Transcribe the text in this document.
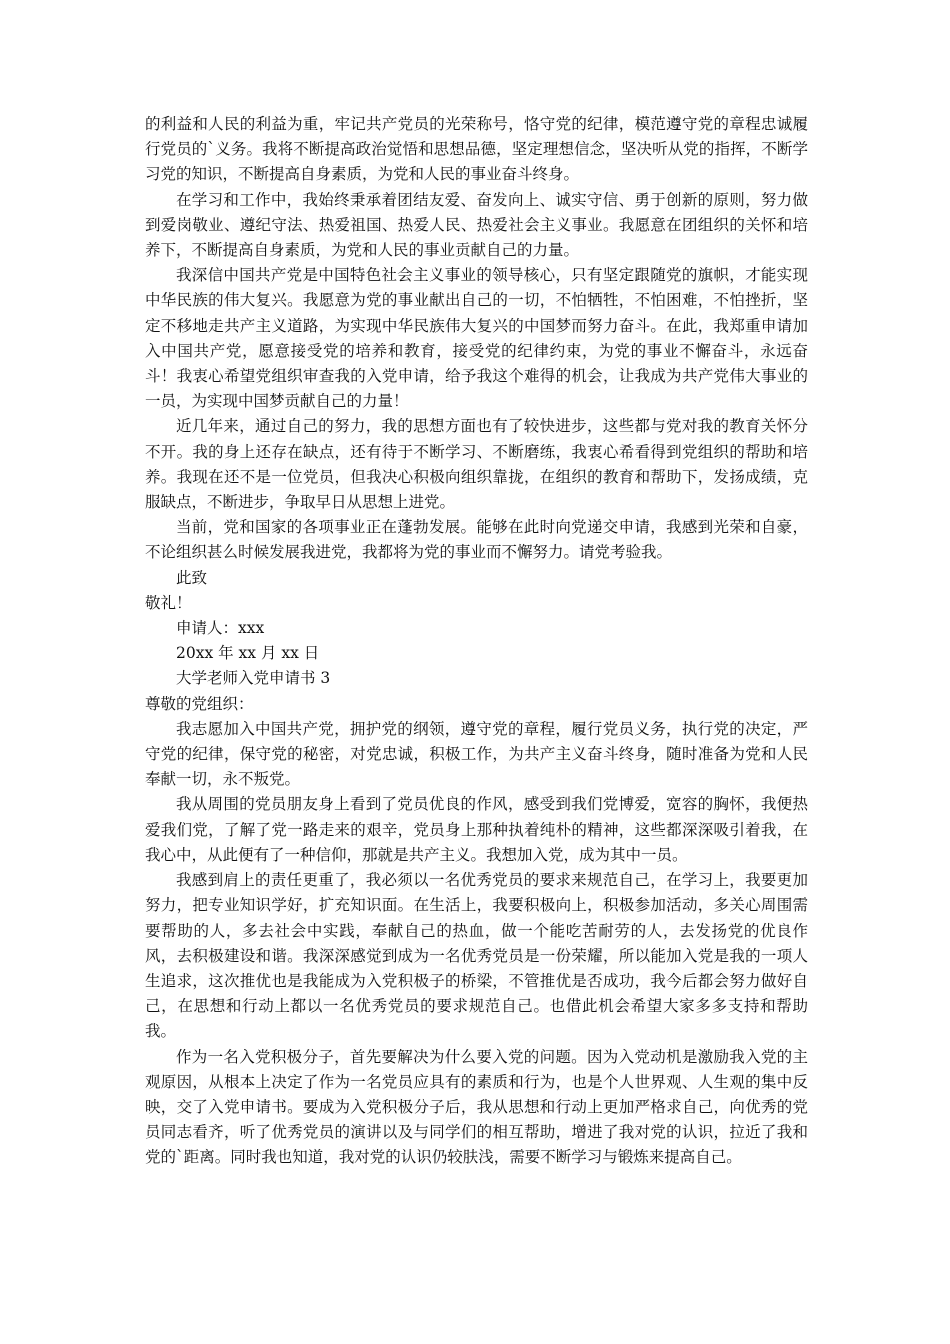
的利益和人民的利益为重，牢记共产党员的光荣称号，恪守党的纪律，模范遵守党的章程忠诚履行党员的`义务。我将不断提高政治觉悟和思想品德，坚定理想信念，坚决听从党的指挥，不断学习党的知识，不断提高自身素质，为党和人民的事业奋斗终身。

在学习和工作中，我始终秉承着团结友爱、奋发向上、诚实守信、勇于创新的原则，努力做到爱岗敬业、遵纪守法、热爱祖国、热爱人民、热爱社会主义事业。我愿意在团组织的关怀和培养下，不断提高自身素质，为党和人民的事业贡献自己的力量。

我深信中国共产党是中国特色社会主义事业的领导核心，只有坚定跟随党的旗帜，才能实现中华民族的伟大复兴。我愿意为党的事业献出自己的一切，不怕牺牲，不怕困难，不怕挫折，坚定不移地走共产主义道路，为实现中华民族伟大复兴的中国梦而努力奋斗。在此，我郑重申请加入中国共产党，愿意接受党的培养和教育，接受党的纪律约束，为党的事业不懈奋斗，永远奋斗！我衷心希望党组织审查我的入党申请，给予我这个难得的机会，让我成为共产党伟大事业的一员，为实现中国梦贡献自己的力量！

近几年来，通过自己的努力，我的思想方面也有了较快进步，这些都与党对我的教育关怀分不开。我的身上还存在缺点，还有待于不断学习、不断磨练，我衷心希看得到党组织的帮助和培养。我现在还不是一位党员，但我决心积极向组织靠拢，在组织的教育和帮助下，发扬成绩，克服缺点，不断进步，争取早日从思想上进党。

当前，党和国家的各项事业正在蓬勃发展。能够在此时向党递交申请，我感到光荣和自豪，不论组织甚么时候发展我进党，我都将为党的事业而不懈努力。请党考验我。

此致

敬礼！

申请人：xxx

20xx 年 xx 月 xx 日

大学老师入党申请书 3

尊敬的党组织：

我志愿加入中国共产党，拥护党的纲领，遵守党的章程，履行党员义务，执行党的决定，严守党的纪律，保守党的秘密，对党忠诚，积极工作，为共产主义奋斗终身，随时准备为党和人民奉献一切，永不叛党。

我从周围的党员朋友身上看到了党员优良的作风，感受到我们党博爱，宽容的胸怀，我便热爱我们党，了解了党一路走来的艰辛，党员身上那种执着纯朴的精神，这些都深深吸引着我，在我心中，从此便有了一种信仰，那就是共产主义。我想加入党，成为其中一员。

我感到肩上的责任更重了，我必须以一名优秀党员的要求来规范自己，在学习上，我要更加努力，把专业知识学好，扩充知识面。在生活上，我要积极向上，积极参加活动，多关心周围需要帮助的人，多去社会中实践，奉献自己的热血，做一个能吃苦耐劳的人，去发扬党的优良作风，去积极建设和谐。我深深感觉到成为一名优秀党员是一份荣耀，所以能加入党是我的一项人生追求，这次推优也是我能成为入党积极子的桥梁，不管推优是否成功，我今后都会努力做好自己，在思想和行动上都以一名优秀党员的要求规范自己。也借此机会希望大家多多支持和帮助我。

作为一名入党积极分子，首先要解决为什么要入党的问题。因为入党动机是激励我入党的主观原因，从根本上决定了作为一名党员应具有的素质和行为，也是个人世界观、人生观的集中反映，交了入党申请书。要成为入党积极分子后，我从思想和行动上更加严格求自己，向优秀的党员同志看齐，听了优秀党员的演讲以及与同学们的相互帮助，增进了我对党的认识，拉近了我和党的`距离。同时我也知道，我对党的认识仍较肤浅，需要不断学习与锻炼来提高自己。
